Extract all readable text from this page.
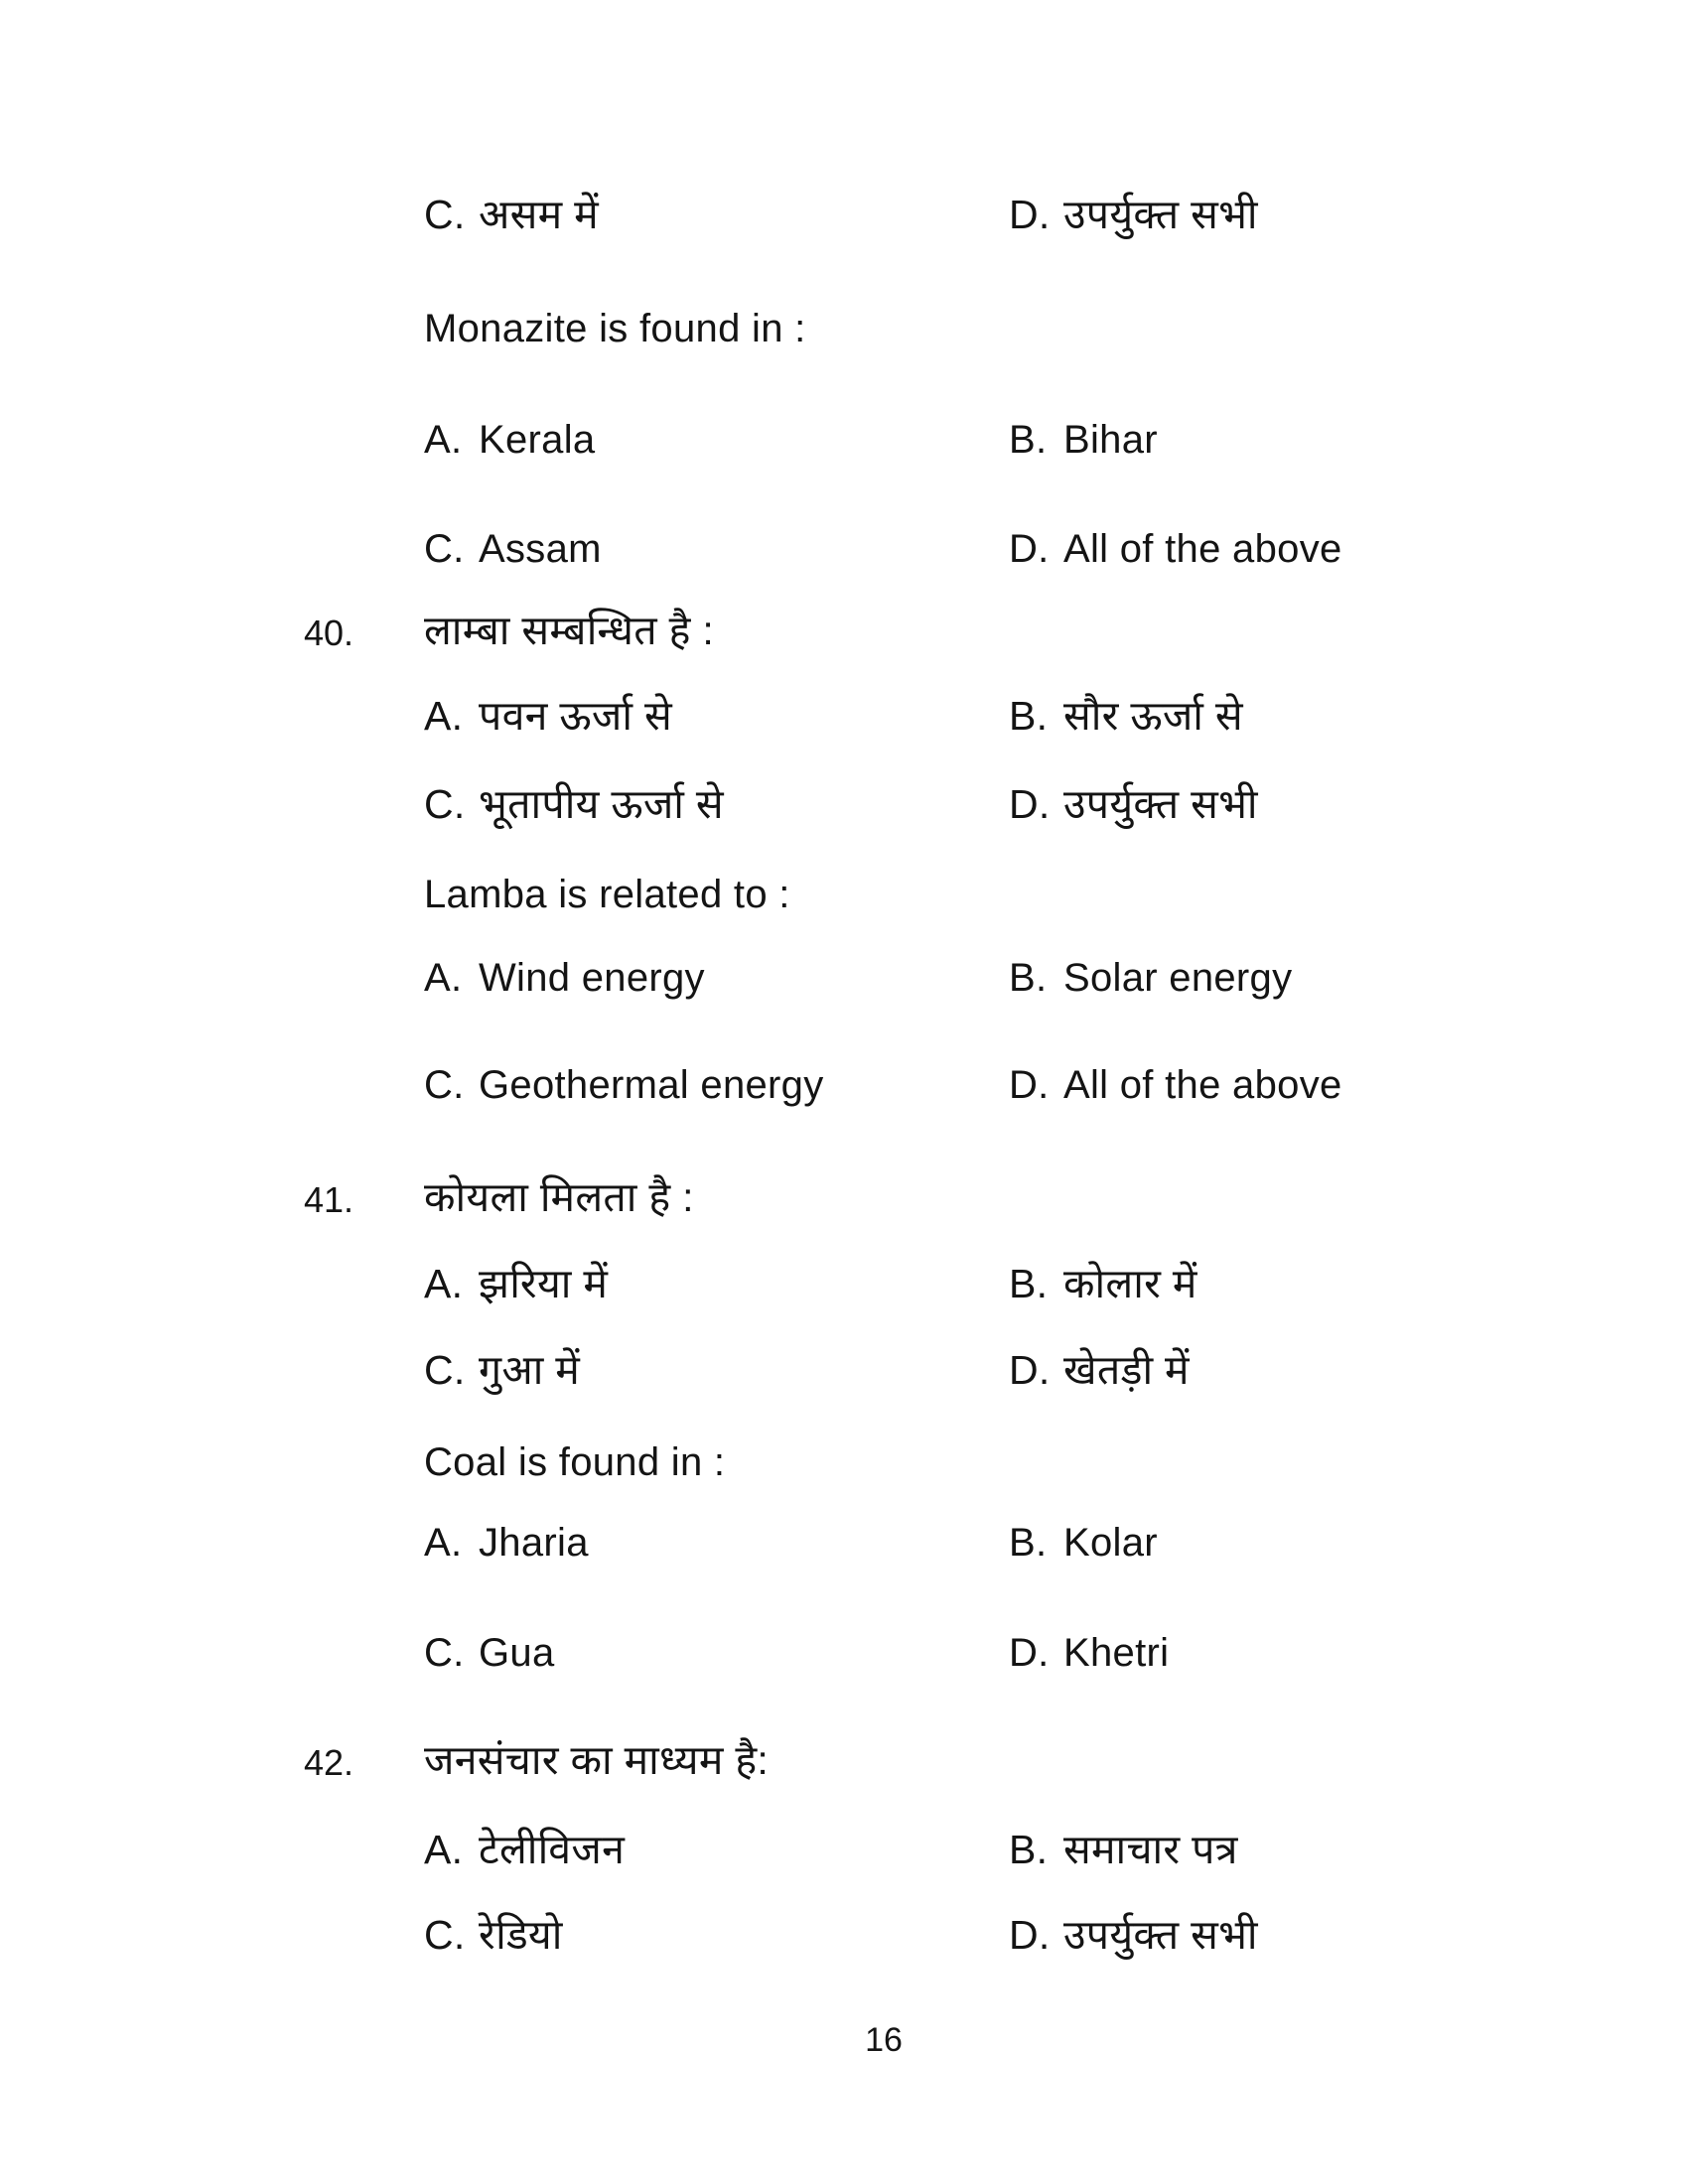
C. असम में	D. उपर्युक्त सभी
Monazite is found in :
A. Kerala	B. Bihar
C. Assam	D. All of the above
40. लाम्बा सम्बन्धित है :
A. पवन ऊर्जा से	B. सौर ऊर्जा से
C. भूतापीय ऊर्जा से	D. उपर्युक्त सभी
Lamba is related to :
A. Wind energy	B. Solar energy
C. Geothermal energy	D. All of the above
41. कोयला मिलता है :
A. झरिया में	B. कोलार में
C. गुआ में	D. खेतड़ी में
Coal is found in :
A. Jharia	B. Kolar
C. Gua	D. Khetri
42. जनसंचार का माध्यम है:
A. टेलीविजन	B. समाचार पत्र
C. रेडियो	D. उपर्युक्त सभी
16
